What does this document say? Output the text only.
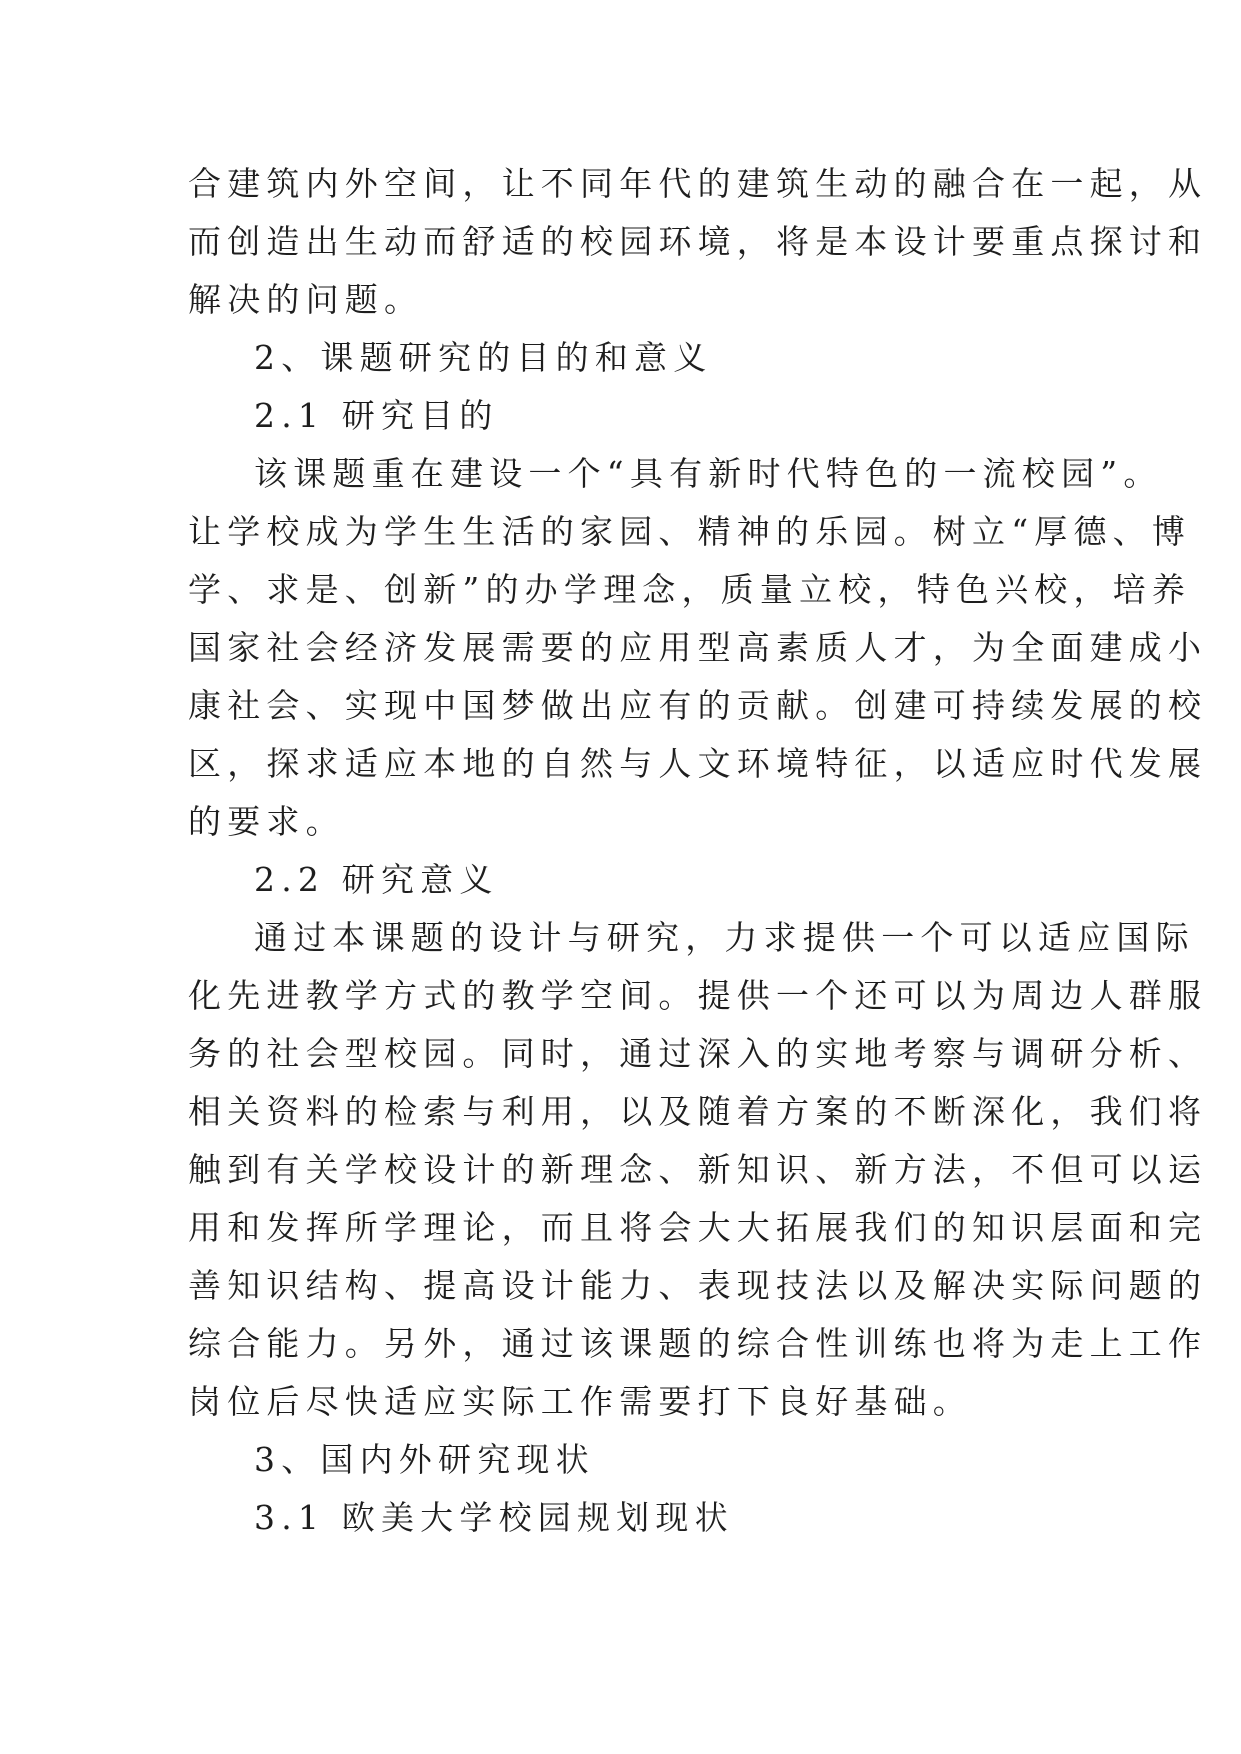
合建筑内外空间，让不同年代的建筑生动的融合在一起，从
而创造出生动而舒适的校园环境，将是本设计要重点探讨和
解决的问题。
2、课题研究的目的和意义
2.1 研究目的
该课题重在建设一个“具有新时代特色的一流校园”。
让学校成为学生生活的家园、精神的乐园。树立“厚德、博
学、求是、创新”的办学理念，质量立校，特色兴校，培养
国家社会经济发展需要的应用型高素质人才，为全面建成小
康社会、实现中国梦做出应有的贡献。创建可持续发展的校
区，探求适应本地的自然与人文环境特征，以适应时代发展
的要求。
2.2 研究意义
通过本课题的设计与研究，力求提供一个可以适应国际
化先进教学方式的教学空间。提供一个还可以为周边人群服
务的社会型校园。同时，通过深入的实地考察与调研分析、
相关资料的检索与利用，以及随着方案的不断深化，我们将
触到有关学校设计的新理念、新知识、新方法，不但可以运
用和发挥所学理论，而且将会大大拓展我们的知识层面和完
善知识结构、提高设计能力、表现技法以及解决实际问题的
综合能力。另外，通过该课题的综合性训练也将为走上工作
岗位后尽快适应实际工作需要打下良好基础。
3、国内外研究现状
3.1 欧美大学校园规划现状
